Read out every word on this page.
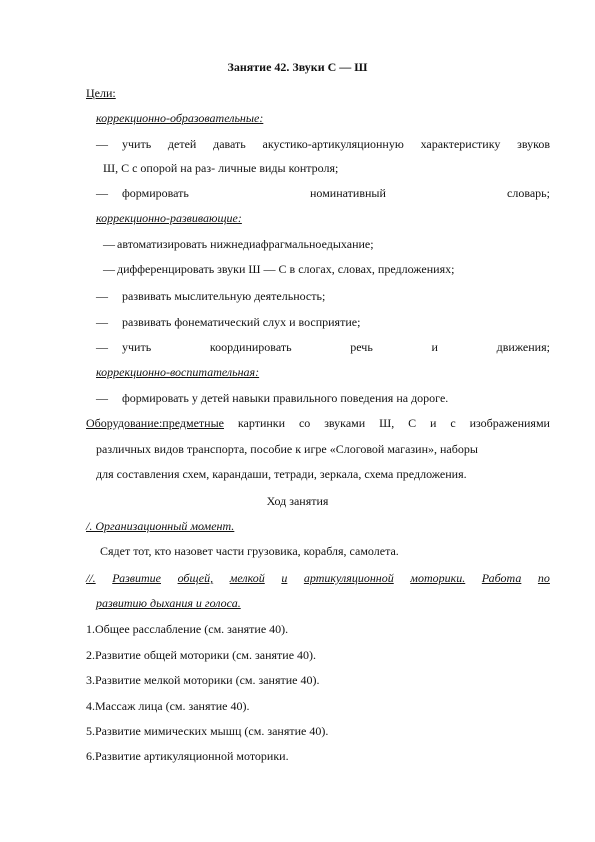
Занятие 42. Звуки С — Ш
Цели:
коррекционно-образовательные:
— учить детей давать акустико-артикуляционную характеристику звуков
Ш, С с опорой на раз- личные виды контроля;
— формировать	номинативный	словарь;
коррекционно-развивающие:
— автоматизировать нижнедиафрагмальноедыхание;
— дифференцировать звуки Ш — С в слогах, словах, предложениях;
— развивать мыслительную деятельность;
— развивать фонематический слух и восприятие;
— учить	координировать	речь	и	движения;
коррекционно-воспитательная:
— формировать у детей навыки правильного поведения на дороге.
Оборудование:предметные картинки со звуками Ш, С и с изображениями
различных видов транспорта, пособие к игре «Слоговой магазин», наборы
для составления схем, карандаши, тетради, зеркала, схема предложения.
Ход занятия
/. Организационный момент.
Сядет тот, кто назовет части грузовика, корабля, самолета.
//. Развитие общей, мелкой и артикуляционной моторики. Работа по
развитию дыхания и голоса.
1.Общее расслабление (см. занятие 40).
2.Развитие общей моторики (см. занятие 40).
3.Развитие мелкой моторики (см. занятие 40).
4.Массаж лица (см. занятие 40).
5.Развитие мимических мышц (см. занятие 40).
6.Развитие артикуляционной моторики.
